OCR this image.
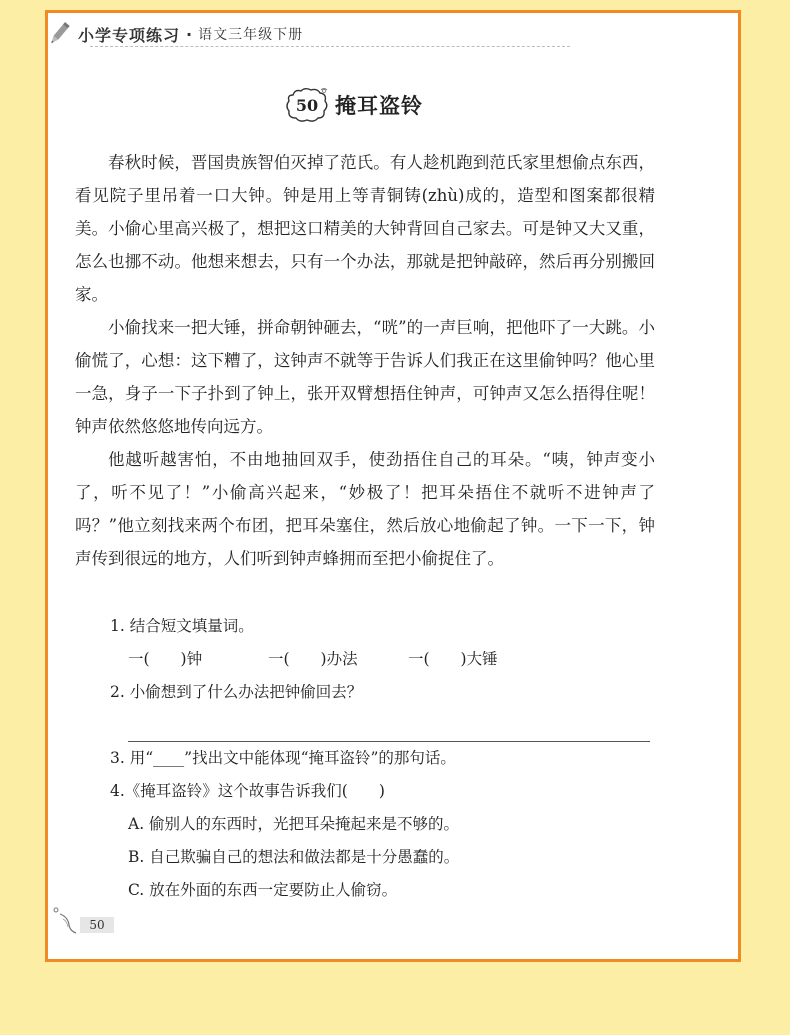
小学专项练习 · 语文三年级下册
50 掩耳盗铃

春秋时候，晋国贵族智伯灭掉了范氏。有人趁机跑到范氏家里想偷点东西，看见院子里吊着一口大钟。钟是用上等青铜铸(zhù)成的，造型和图案都很精美。小偷心里高兴极了，想把这口精美的大钟背回自己家去。可是钟又大又重，怎么也挪不动。他想来想去，只有一个办法，那就是把钟敲碎，然后再分别搬回家。

小偷找来一把大锤，拼命朝钟砸去，“咣”的一声巨响，把他吓了一大跳。小偷慌了，心想：这下糟了，这钟声不就等于告诉人们我正在这里偷钟吗？他心里一急，身子一下子扑到了钟上，张开双臂想捂住钟声，可钟声又怎么捂得住呢！钟声依然悠悠地传向远方。

他越听越害怕，不由地抽回双手，使劲捂住自己的耳朵。“咦，钟声变小了，听不见了！”小偷高兴起来，“妙极了！把耳朵捂住不就听不进钟声了吗？”他立刻找来两个布团，把耳朵塞住，然后放心地偷起了钟。一下一下，钟声传到很远的地方，人们听到钟声蜂拥而至把小偷捉住了。

1. 结合短文填量词。
一(　　)钟	一(　　)办法	一(　　)大锤
2. 小偷想到了什么办法把钟偷回去？
3. 用“____”找出文中能体现“掩耳盗铃”的那句话。
4.《掩耳盗铃》这个故事告诉我们(　　)
A. 偷别人的东西时，光把耳朵掩起来是不够的。
B. 自己欺骗自己的想法和做法都是十分愚蠢的。
C. 放在外面的东西一定要防止人偷窃。
50
